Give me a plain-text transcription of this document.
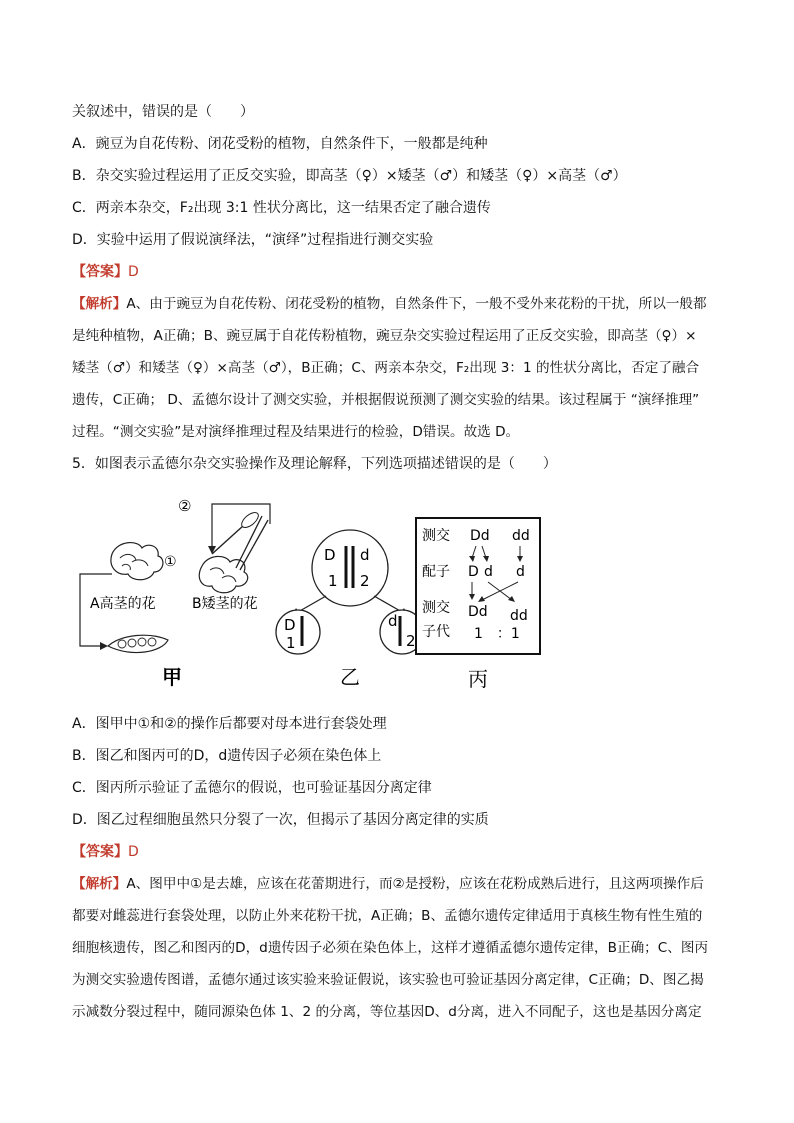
关叙述中，错误的是（　　）
A．豌豆为自花传粉、闭花受粉的植物，自然条件下，一般都是纯种
B．杂交实验过程运用了正反交实验，即高茎（♀）×矮茎（♂）和矮茎（♀）×高茎（♂）
C．两亲本杂交，F₂出现 3:1 性状分离比，这一结果否定了融合遗传
D．实验中运用了假说演绎法，“演绎”过程指进行测交实验
【答案】D
【解析】A、由于豌豆为自花传粉、闭花受粉的植物，自然条件下，一般不受外来花粉的干扰，所以一般都
是纯种植物，A正确；B、豌豆属于自花传粉植物，豌豆杂交实验过程运用了正反交实验，即高茎（♀）×
矮茎（♂）和矮茎（♀）×高茎（♂），B正确；C、两亲本杂交，F₂出现 3：1 的性状分离比，否定了融合
遗传，C正确； D、孟德尔设计了测交实验，并根据假说预测了测交实验的结果。该过程属于 “演绎推理”
过程。“测交实验”是对演绎推理过程及结果进行的检验，D错误。故选 D。
5．如图表示孟德尔杂交实验操作及理论解释，下列选项描述错误的是（　　）
②
①
A高茎的花	B矮茎的花
甲
D d
1 2
D
1
d
2
乙
测交 Dd dd
配子 D d d
测交 Dd dd
子代 1　：1
丙
A．图甲中①和②的操作后都要对母本进行套袋处理
B．图乙和图丙可的D，d遗传因子必须在染色体上
C．图丙所示验证了孟德尔的假说，也可验证基因分离定律
D．图乙过程细胞虽然只分裂了一次，但揭示了基因分离定律的实质
【答案】D
【解析】A、图甲中①是去雄，应该在花蕾期进行，而②是授粉，应该在花粉成熟后进行，且这两项操作后
都要对雌蕊进行套袋处理，以防止外来花粉干扰，A正确；B、孟德尔遗传定律适用于真核生物有性生殖的
细胞核遗传，图乙和图丙的D，d遗传因子必须在染色体上，这样才遵循孟德尔遗传定律，B正确；C、图丙
为测交实验遗传图谱，孟德尔通过该实验来验证假说，该实验也可验证基因分离定律，C正确；D、图乙揭
示减数分裂过程中，随同源染色体 1、2 的分离，等位基因D、d分离，进入不同配子，这也是基因分离定
